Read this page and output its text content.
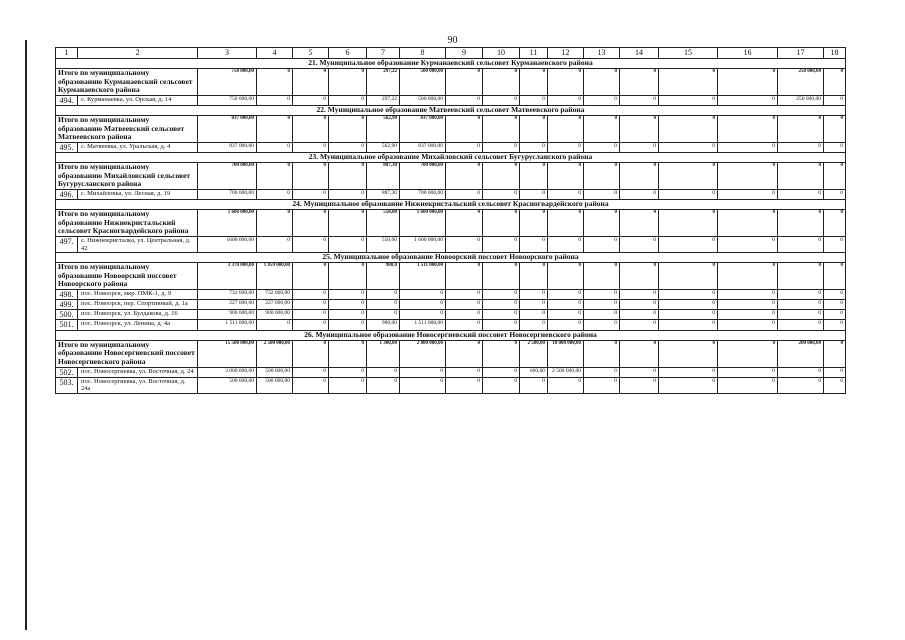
90
1	2	3	4	5	6	7	8	9	10	11	12	13	14	15	16	17	18
21. Муниципальное образование Курманаевский сельсовет Курманаевского района																	
Итого по муниципальному образованию Курманаевский сельсовет Курманаевского района		750 000,00	0	0	0	297,22	500 000,00	0	0	0	0	0	0	0	0	250 000,00	0
494.	с. Курманаевка, ул. Орская, д. 14	750 000,00	0	0	0	297,22	500 000,00	0	0	0	0	0	0	0	0	250 000,00	0
22. Муниципальное образование Матвеевский сельсовет Матвеевского района																	
Итого по муниципальному образованию Матвеевский сельсовет Матвеевского района		837 000,00	0	0	0	562,90	837 000,00	0	0	0	0	0	0	0	0	0	0
495.	с. Матвеевка, ул. Уральская, д. 4	837 000,00	0	0	0	562,90	837 000,00	0	0	0	0	0	0	0	0	0	0
23. Муниципальное образование Михайловский сельсовет Бугурусланского района																	
Итого по муниципальному образованию Михайловский сельсовет Бугурусланского района		700 000,00	0	0	0	887,30	700 000,00	0	0	0	0	0	0	0	0	0	0
496.	с. Михайловка, ул. Лесная, д. 19	700 000,00	0	0	0	887,30	700 000,00	0	0	0	0	0	0	0	0	0	0
24. Муниципальное образование Нижнекристальский сельсовет Красногвардейского района																	
Итого по муниципальному образованию Нижнекристальский сельсовет Красногвардейского района		1 600 000,00	0	0	0	550,00	1 600 000,00	0	0	0	0	0	0	0	0	0	0
497.	с. Нижнекристалка, ул. Центральная, д. 42	1600 000,00	0	0	0	550,00	1 600 000,00	0	0	0	0	0	0	0	0	0	0
25. Муниципальное образование Новоорский поссовет Новоорского района																	
Итого по муниципальному образованию Новоорский поссовет Новоорского района		3 370 000,00	1 859 000,00	0	0	980,0	1 511 000,00	0	0	0	0	0	0	0	0	0	0
498.	пос. Новоорск, мкр. ПМК-1, д. 9	732 000,00	732 000,00	0	0	0	0	0	0	0	0	0	0	0	0	0	0
499.	пос. Новоорск, пер. Спортивный, д. 1а	227 000,00	227 000,00	0	0	0	0	0	0	0	0	0	0	0	0	0	0
500.	пос. Новоорск, ул. Булдакова, д. 16	900 000,00	900 000,00	0	0	0	0	0	0	0	0	0	0	0	0	0	0
501.	пос. Новоорск, ул. Ленина, д. 4а	1 511 000,00	0	0	0	980,00	1 511 000,00	0	0	0	0	0	0	0	0	0	0
26. Муниципальное образование Новосергиевский поссовет Новосергиевского района																	
Итого по муниципальному образованию Новосергиевский поссовет Новосергиевского района		15 500 000,00	2 500 000,00	0	0	1 300,00	2 800 000,00	0	0	2 500,00	10 000 000,00	0	0	0	0	200 000,00	0
502.	пос. Новосергиевка, ул. Восточная, д. 24	3 000 000,00	500 000,00	0	0	0	0	0	0	600,00	2 500 000,00	0	0	0	0	0	0
503.	пос. Новосергиевка, ул. Восточная, д. 24а	500 000,00	500 000,00	0	0	0	0	0	0	0	0	0	0	0	0	0	0
